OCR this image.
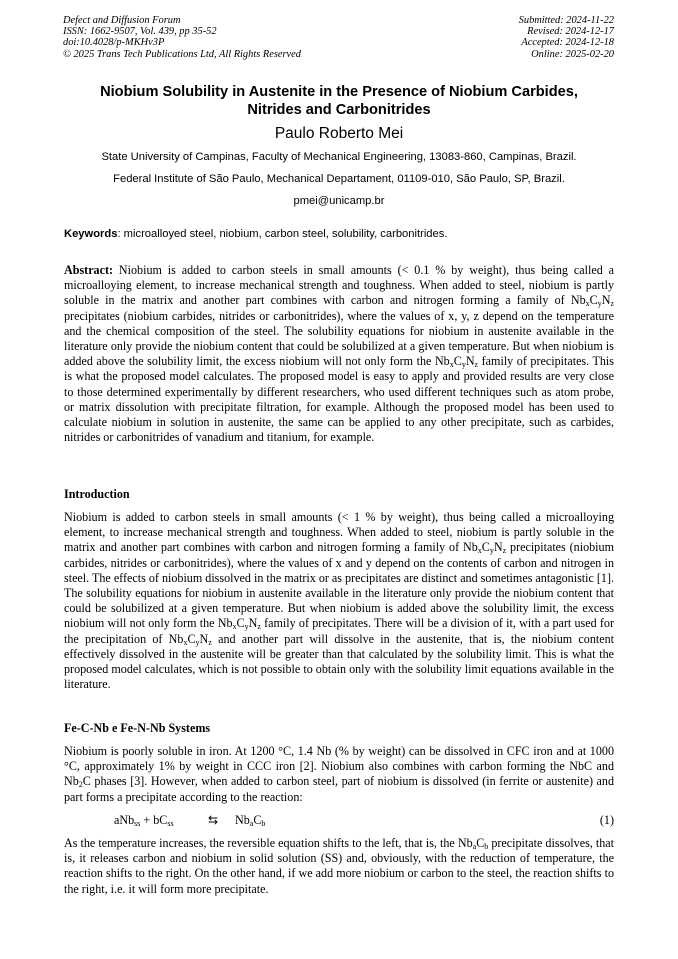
Defect and Diffusion Forum
ISSN: 1662-9507, Vol. 439, pp 35-52
doi:10.4028/p-MKHv3P
© 2025 Trans Tech Publications Ltd, All Rights Reserved
Submitted: 2024-11-22
Revised: 2024-12-17
Accepted: 2024-12-18
Online: 2025-02-20
Niobium Solubility in Austenite in the Presence of Niobium Carbides,
Nitrides and Carbonitrides
Paulo Roberto Mei
State University of Campinas, Faculty of Mechanical Engineering, 13083-860, Campinas, Brazil.
Federal Institute of São Paulo, Mechanical Departament, 01109-010, São Paulo, SP, Brazil.
pmei@unicamp.br
Keywords: microalloyed steel, niobium, carbon steel, solubility, carbonitrides.
Abstract: Niobium is added to carbon steels in small amounts (< 0.1 % by weight), thus being called a microalloying element, to increase mechanical strength and toughness. When added to steel, niobium is partly soluble in the matrix and another part combines with carbon and nitrogen forming a family of $Nb_xC_yN_z$ precipitates (niobium carbides, nitrides or carbonitrides), where the values of x, y, z depend on the temperature and the chemical composition of the steel. The solubility equations for niobium in austenite available in the literature only provide the niobium content that could be solubilized at a given temperature. But when niobium is added above the solubility limit, the excess niobium will not only form the $Nb_xC_yN_z$ family of precipitates. This is what the proposed model calculates. The proposed model is easy to apply and provided results are very close to those determined experimentally by different researchers, who used different techniques such as atom probe, or matrix dissolution with precipitate filtration, for example. Although the proposed model has been used to calculate niobium in solution in austenite, the same can be applied to any other precipitate, such as carbides, nitrides or carbonitrides of vanadium and titanium, for example.
Introduction
Niobium is added to carbon steels in small amounts (< 1 % by weight), thus being called a microalloying element, to increase mechanical strength and toughness. When added to steel, niobium is partly soluble in the matrix and another part combines with carbon and nitrogen forming a family of $Nb_xC_yN_z$ precipitates (niobium carbides, nitrides or carbonitrides), where the values of x and y depend on the contents of carbon and nitrogen in steel. The effects of niobium dissolved in the matrix or as precipitates are distinct and sometimes antagonistic [1]. The solubility equations for niobium in austenite available in the literature only provide the niobium content that could be solubilized at a given temperature. But when niobium is added above the solubility limit, the excess niobium will not only form the $Nb_xC_yN_z$ family of precipitates. There will be a division of it, with a part used for the precipitation of $Nb_xC_yN_z$ and another part will dissolve in the austenite, that is, the niobium content effectively dissolved in the austenite will be greater than that calculated by the solubility limit. This is what the proposed model calculates, which is not possible to obtain only with the solubility limit equations available in the literature.
Fe-C-Nb e Fe-N-Nb Systems
Niobium is poorly soluble in iron. At 1200 °C, 1.4 Nb (% by weight) can be dissolved in CFC iron and at 1000 °C, approximately 1% by weight in CCC iron [2]. Niobium also combines with carbon forming the NbC and $Nb_2C$ phases [3]. However, when added to carbon steel, part of niobium is dissolved (in ferrite or austenite) and part forms a precipitate according to the reaction:
$aNb_{ss} + bC_{ss}$	⇆ $Nb_aC_b$	(1)
As the temperature increases, the reversible equation shifts to the left, that is, the $Nb_aC_b$ precipitate dissolves, that is, it releases carbon and niobium in solid solution (SS) and, obviously, with the reduction of temperature, the reaction shifts to the right. On the other hand, if we add more niobium or carbon to the steel, the reaction shifts to the right, i.e. it will form more precipitate.
